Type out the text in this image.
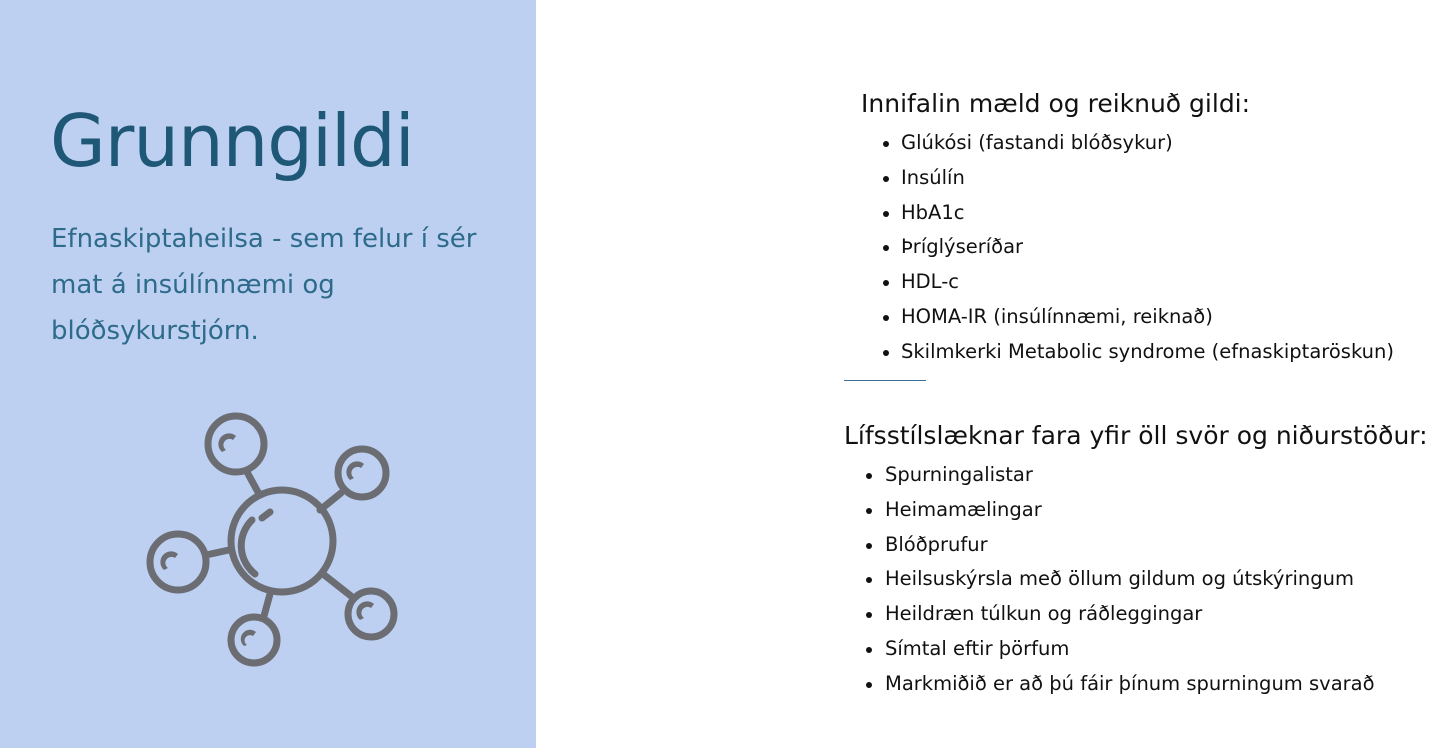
Grunngildi

Efnaskiptaheilsa - sem felur í sér mat á insúlínnæmi og blóðsykurstjórn.

Innifalin mæld og reiknuð gildi:

Glúkósi (fastandi blóðsykur)
Insúlín
HbA1c
Þríglýseríðar
HDL-c
HOMA-IR (insúlínnæmi, reiknað)
Skilmkerki Metabolic syndrome (efnaskiptaröskun)

Lífsstílslæknar fara yfir öll svör og niðurstöður:

Spurningalistar
Heimamælingar
Blóðprufur
Heilsuskýrsla með öllum gildum og útskýringum
Heildræn túlkun og ráðleggingar
Símtal eftir þörfum
Markmiðið er að þú fáir þínum spurningum svarað
